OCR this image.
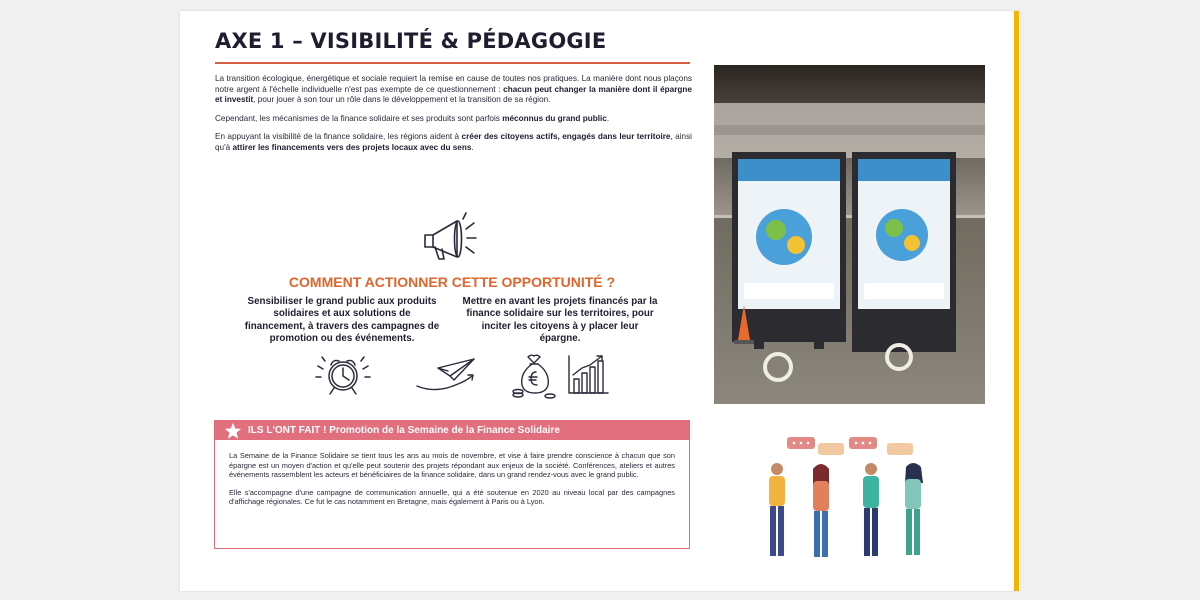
AXE 1 – VISIBILITÉ & PÉDAGOGIE

La transition écologique, énergétique et sociale requiert la remise en cause de toutes nos pratiques. La manière dont nous plaçons notre argent à l'échelle individuelle n'est pas exempte de ce questionnement : chacun peut changer la manière dont il épargne et investit, pour jouer à son tour un rôle dans le développement et la transition de sa région.

Cependant, les mécanismes de la finance solidaire et ses produits sont parfois méconnus du grand public.

En appuyant la visibilité de la finance solidaire, les régions aident à créer des citoyens actifs, engagés dans leur territoire, ainsi qu'à attirer les financements vers des projets locaux avec du sens.

COMMENT ACTIONNER CETTE OPPORTUNITÉ ?
Sensibiliser le grand public aux produits solidaires et aux solutions de financement, à travers des campagnes de promotion ou des événements.
Mettre en avant les projets financés par la finance solidaire sur les territoires, pour inciter les citoyens à y placer leur épargne.
ILS L'ONT FAIT ! Promotion de la Semaine de la Finance Solidaire

La Semaine de la Finance Solidaire se tient tous les ans au mois de novembre, et vise à faire prendre conscience à chacun que son épargne est un moyen d'action et qu'elle peut soutenir des projets répondant aux enjeux de la société. Conférences, ateliers et autres événements rassemblent les acteurs et bénéficiaires de la finance solidaire, dans un grand rendez-vous avec le grand public.

Elle s'accompagne d'une campagne de communication annuelle, qui a été soutenue en 2020 au niveau local par des campagnes d'affichage régionales. Ce fut le cas notamment en Bretagne, mais également à Paris ou à Lyon.
